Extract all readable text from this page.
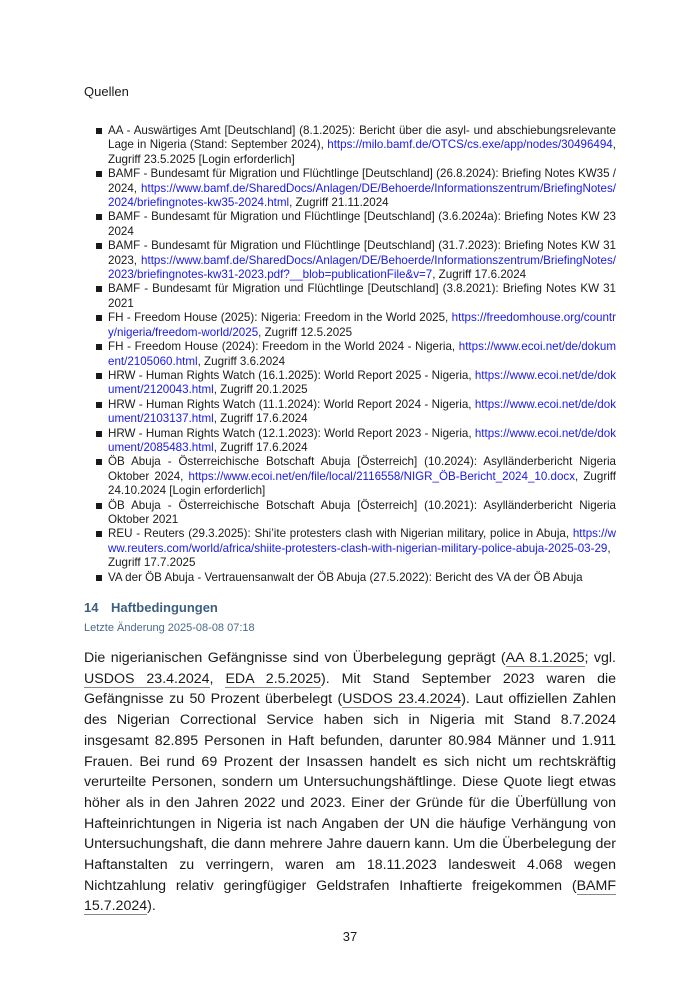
Quellen
AA - Auswärtiges Amt [Deutschland] (8.1.2025): Bericht über die asyl- und abschiebungsrelevante Lage in Nigeria (Stand: September 2024), https://milo.bamf.de/OTCS/cs.exe/app/nodes/30496494, Zugriff 23.5.2025 [Login erforderlich]
BAMF - Bundesamt für Migration und Flüchtlinge [Deutschland] (26.8.2024): Briefing Notes KW35 / 2024, https://www.bamf.de/SharedDocs/Anlagen/DE/Behoerde/Informationszentrum/BriefingNotes/2024/briefingnotes-kw35-2024.html, Zugriff 21.11.2024
BAMF - Bundesamt für Migration und Flüchtlinge [Deutschland] (3.6.2024a): Briefing Notes KW 23 2024
BAMF - Bundesamt für Migration und Flüchtlinge [Deutschland] (31.7.2023): Briefing Notes KW 31 2023, https://www.bamf.de/SharedDocs/Anlagen/DE/Behoerde/Informationszentrum/BriefingNotes/2023/briefingnotes-kw31-2023.pdf?__blob=publicationFile&v=7, Zugriff 17.6.2024
BAMF - Bundesamt für Migration und Flüchtlinge [Deutschland] (3.8.2021): Briefing Notes KW 31 2021
FH - Freedom House (2025): Nigeria: Freedom in the World 2025, https://freedomhouse.org/country/nigeria/freedom-world/2025, Zugriff 12.5.2025
FH - Freedom House (2024): Freedom in the World 2024 - Nigeria, https://www.ecoi.net/de/dokument/2105060.html, Zugriff 3.6.2024
HRW - Human Rights Watch (16.1.2025): World Report 2025 - Nigeria, https://www.ecoi.net/de/dokument/2120043.html, Zugriff 20.1.2025
HRW - Human Rights Watch (11.1.2024): World Report 2024 - Nigeria, https://www.ecoi.net/de/dokument/2103137.html, Zugriff 17.6.2024
HRW - Human Rights Watch (12.1.2023): World Report 2023 - Nigeria, https://www.ecoi.net/de/dokument/2085483.html, Zugriff 17.6.2024
ÖB Abuja - Österreichische Botschaft Abuja [Österreich] (10.2024): Asylländerbericht Nigeria Oktober 2024, https://www.ecoi.net/en/file/local/2116558/NIGR_ÖB-Bericht_2024_10.docx, Zugriff 24.10.2024 [Login erforderlich]
ÖB Abuja - Österreichische Botschaft Abuja [Österreich] (10.2021): Asylländerbericht Nigeria Oktober 2021
REU - Reuters (29.3.2025): Shi’ite protesters clash with Nigerian military, police in Abuja, https://www.reuters.com/world/africa/shiite-protesters-clash-with-nigerian-military-police-abuja-2025-03-29, Zugriff 17.7.2025
VA der ÖB Abuja - Vertrauensanwalt der ÖB Abuja (27.5.2022): Bericht des VA der ÖB Abuja
14 Haftbedingungen
Letzte Änderung 2025-08-08 07:18

Die nigerianischen Gefängnisse sind von Überbelegung geprägt (AA 8.1.2025; vgl. USDOS 23.4.2024, EDA 2.5.2025). Mit Stand September 2023 waren die Gefängnisse zu 50 Prozent überbelegt (USDOS 23.4.2024). Laut offiziellen Zahlen des Nigerian Correctional Service haben sich in Nigeria mit Stand 8.7.2024 insgesamt 82.895 Personen in Haft befunden, darunter 80.984 Männer und 1.911 Frauen. Bei rund 69 Prozent der Insassen handelt es sich nicht um rechtskräftig verurteilte Personen, sondern um Untersuchungshäftlinge. Diese Quote liegt etwas höher als in den Jahren 2022 und 2023. Einer der Gründe für die Überfüllung von Hafteinrichtungen in Nigeria ist nach Angaben der UN die häufige Verhängung von Untersuchungshaft, die dann mehrere Jahre dauern kann. Um die Überbelegung der Haftanstalten zu verringern, waren am 18.11.2023 landesweit 4.068 wegen Nichtzahlung relativ geringfügiger Geldstrafen Inhaftierte freigekommen (BAMF 15.7.2024).

37
